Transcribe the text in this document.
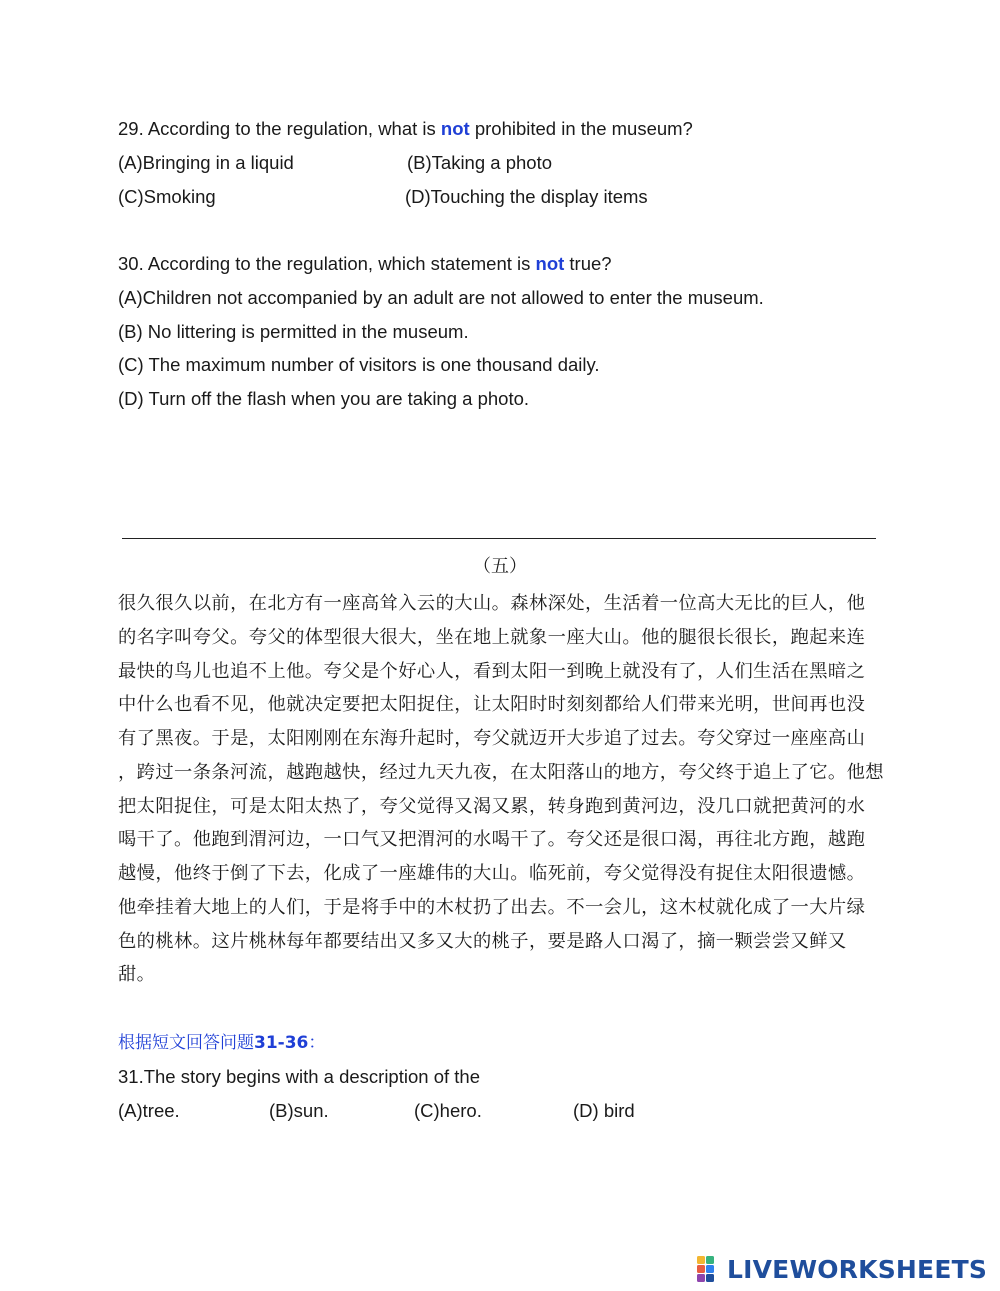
29. According to the regulation, what is not prohibited in the museum?
(A)Bringing in a liquid	(B)Taking a photo
(C)Smoking	(D)Touching the display items
30. According to the regulation, which statement is not true?
(A)Children not accompanied by an adult are not allowed to enter the museum.
(B) No littering is permitted in the museum.
(C) The maximum number of visitors is one thousand daily.
(D) Turn off the flash when you are taking a photo.
（五）
很久很久以前，在北方有一座高耸入云的大山。森林深处，生活着一位高大无比的巨人，他
的名字叫夸父。夸父的体型很大很大，坐在地上就象一座大山。他的腿很长很长，跑起来连
最快的鸟儿也追不上他。夸父是个好心人，看到太阳一到晚上就没有了，人们生活在黑暗之
中什么也看不见，他就决定要把太阳捉住，让太阳时时刻刻都给人们带来光明，世间再也没
有了黑夜。于是，太阳刚刚在东海升起时，夸父就迈开大步追了过去。夸父穿过一座座高山
，跨过一条条河流，越跑越快，经过九天九夜，在太阳落山的地方，夸父终于追上了它。他想
把太阳捉住，可是太阳太热了，夸父觉得又渴又累，转身跑到黄河边，没几口就把黄河的水
喝干了。他跑到渭河边，一口气又把渭河的水喝干了。夸父还是很口渴，再往北方跑，越跑
越慢，他终于倒了下去，化成了一座雄伟的大山。临死前，夸父觉得没有捉住太阳很遗憾。
他牵挂着大地上的人们，于是将手中的木杖扔了出去。不一会儿，这木杖就化成了一大片绿
色的桃林。这片桃林每年都要结出又多又大的桃子，要是路人口渴了，摘一颗尝尝又鲜又
甜。
根据短文回答问题31-36：
31.The story begins with a description of the
(A)tree.	(B)sun.	(C)hero.	(D) bird
LIVEWORKSHEETS
